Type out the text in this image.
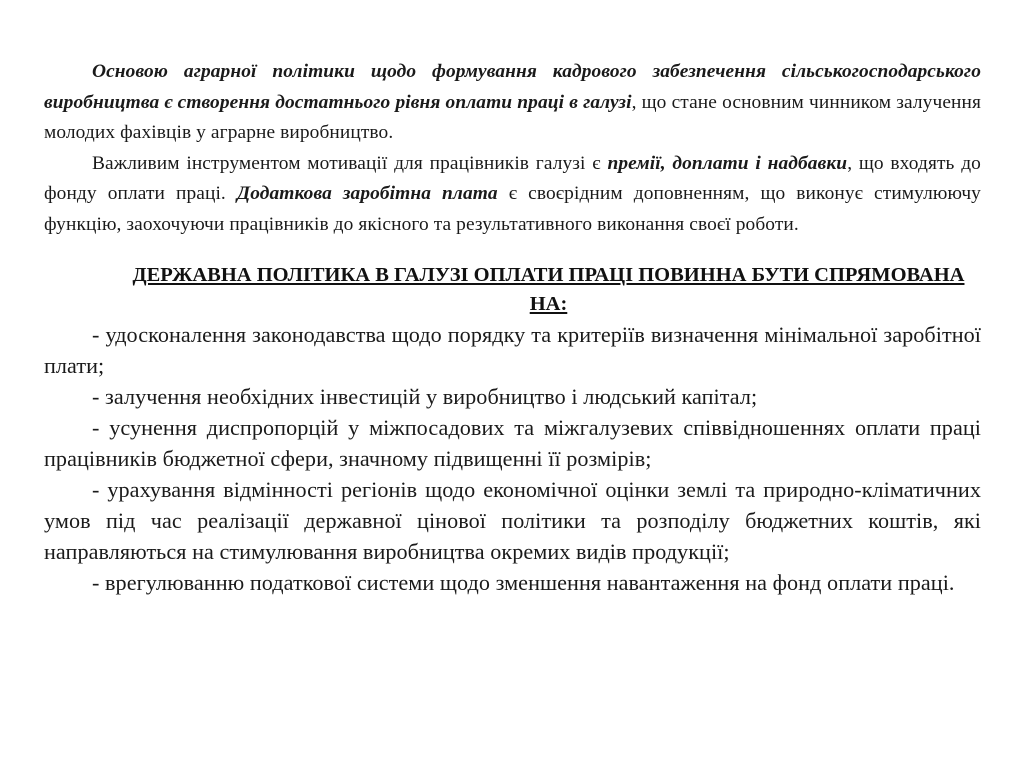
Основою аграрної політики щодо формування кадрового забезпечення сільськогосподарського виробництва є створення достатнього рівня оплати праці в галузі, що стане основним чинником залучення молодих фахівців у аграрне виробництво.

Важливим інструментом мотивації для працівників галузі є премії, доплати і надбавки, що входять до фонду оплати праці. Додаткова заробітна плата є своєрідним доповненням, що виконує стимулюючу функцію, заохочуючи працівників до якісного та результативного виконання своєї роботи.

ДЕРЖАВНА ПОЛІТИКА В ГАЛУЗІ ОПЛАТИ ПРАЦІ ПОВИННА БУТИ СПРЯМОВАНА НА:
- удосконалення законодавства щодо порядку та критеріїв визначення мінімальної заробітної плати;
- залучення необхідних інвестицій у виробництво і людський капітал;
- усунення диспропорцій у міжпосадових та міжгалузевих співвідношеннях оплати праці працівників бюджетної сфери, значному підвищенні її розмірів;
- урахування відмінності регіонів щодо економічної оцінки землі та природно-кліматичних умов під час реалізації державної цінової політики та розподілу бюджетних коштів, які направляються на стимулювання виробництва окремих видів продукції;
- врегулюванню податкової системи щодо зменшення навантаження на фонд оплати праці.
